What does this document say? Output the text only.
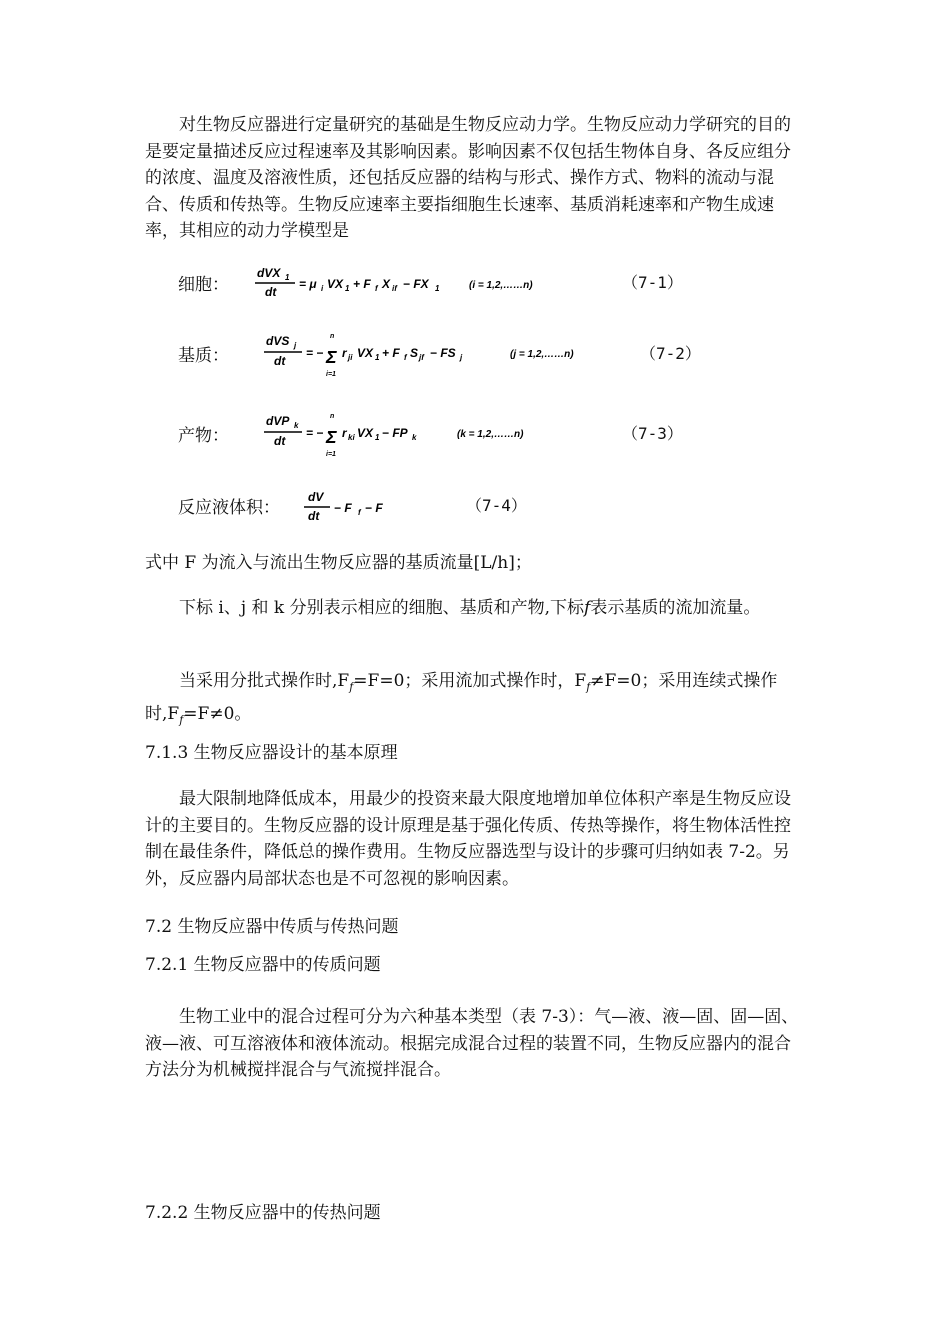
对生物反应器进行定量研究的基础是生物反应动力学。生物反应动力学研究的目的是要定量描述反应过程速率及其影响因素。影响因素不仅包括生物体自身、各反应组分的浓度、温度及溶液性质，还包括反应器的结构与形式、操作方式、物料的流动与混合、传质和传热等。生物反应速率主要指细胞生长速率、基质消耗速率和产物生成速率，其相应的动力学模型是

细胞：
dVX 1
dt
= μ i VX 1 + F f X if − FX 1	(i = 1,2,……n)	（7-1）
基质：
dVS j
dt
= −
n
Σ
i=1
r ji VX 1 + F f S jf − FS j	(j = 1,2,……n)	（7-2）
产物：
dVP k
dt
= −
n
Σ
i=1
r ki VX 1 − FP k	(k = 1,2,……n)	（7-3）
反应液体积：
dV
dt
− F f − F	（7-4）

式中 F 为流入与流出生物反应器的基质流量[L/h]；

下标 i、j 和 k 分别表示相应的细胞、基质和产物,下标f表示基质的流加流量。

当采用分批式操作时$,F_f=F=0$；采用流加式操作时，$F_f\ne F=0$；采用连续式操作时$,F_f=F\ne 0$。

7.1.3 生物反应器设计的基本原理

最大限制地降低成本，用最少的投资来最大限度地增加单位体积产率是生物反应设计的主要目的。生物反应器的设计原理是基于强化传质、传热等操作，将生物体活性控制在最佳条件，降低总的操作费用。生物反应器选型与设计的步骤可归纳如表 7-2。另外，反应器内局部状态也是不可忽视的影响因素。

7.2 生物反应器中传质与传热问题
7.2.1 生物反应器中的传质问题

生物工业中的混合过程可分为六种基本类型（表 7-3）：气—液、液—固、固—固、液—液、可互溶液体和液体流动。根据完成混合过程的装置不同，生物反应器内的混合方法分为机械搅拌混合与气流搅拌混合。

7.2.2 生物反应器中的传热问题
